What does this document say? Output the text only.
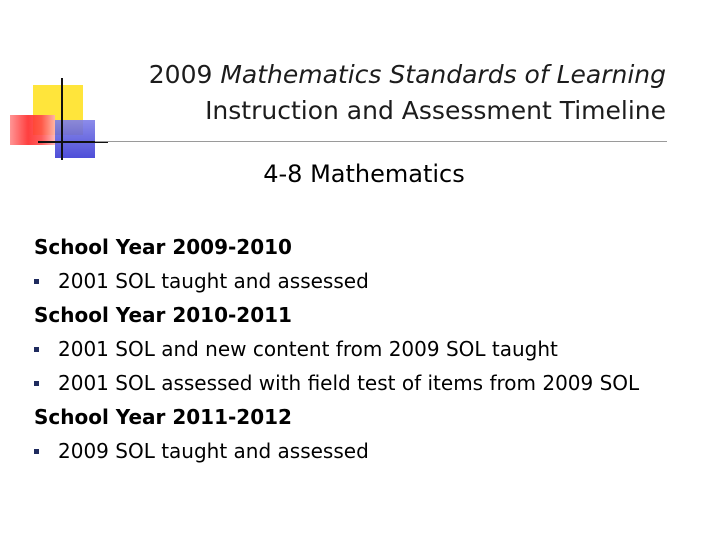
2009 Mathematics Standards of Learning
Instruction and Assessment Timeline
4-8 Mathematics
School Year 2009-2010
2001 SOL taught and assessed
School Year 2010-2011
2001 SOL and new content from 2009 SOL taught
2001 SOL assessed with field test of items from 2009 SOL
School Year 2011-2012
2009 SOL taught and assessed
